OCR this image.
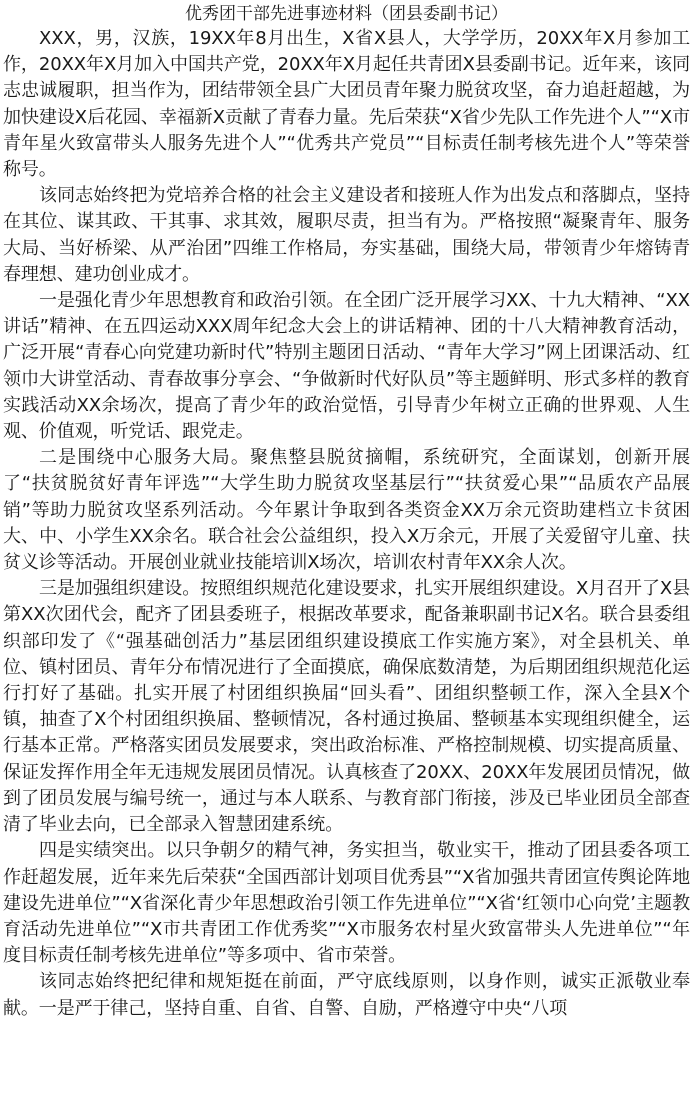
优秀团干部先进事迹材料（团县委副书记）

XXX，男，汉族，19XX年8月出生，X省X县人，大学学历，20XX年X月参加工作，20XX年X月加入中国共产党，20XX年X月起任共青团X县委副书记。近年来，该同志忠诚履职，担当作为，团结带领全县广大团员青年聚力脱贫攻坚，奋力追赶超越，为加快建设X后花园、幸福新X贡献了青春力量。先后荣获“X省少先队工作先进个人”“X市青年星火致富带头人服务先进个人”“优秀共产党员”“目标责任制考核先进个人”等荣誉称号。

该同志始终把为党培养合格的社会主义建设者和接班人作为出发点和落脚点，坚持在其位、谋其政、干其事、求其效，履职尽责，担当有为。严格按照“凝聚青年、服务大局、当好桥梁、从严治团”四维工作格局，夯实基础，围绕大局，带领青少年熔铸青春理想、建功创业成才。

一是强化青少年思想教育和政治引领。在全团广泛开展学习XX、十九大精神、“XX讲话”精神、在五四运动XXX周年纪念大会上的讲话精神、团的十八大精神教育活动，广泛开展“青春心向党建功新时代”特别主题团日活动、“青年大学习”网上团课活动、红领巾大讲堂活动、青春故事分享会、“争做新时代好队员”等主题鲜明、形式多样的教育实践活动XX余场次，提高了青少年的政治觉悟，引导青少年树立正确的世界观、人生观、价值观，听党话、跟党走。

二是围绕中心服务大局。聚焦整县脱贫摘帽，系统研究，全面谋划，创新开展了“扶贫脱贫好青年评选”“大学生助力脱贫攻坚基层行”“扶贫爱心果”“品质农产品展销”等助力脱贫攻坚系列活动。今年累计争取到各类资金XX万余元资助建档立卡贫困大、中、小学生XX余名。联合社会公益组织，投入X万余元，开展了关爱留守儿童、扶贫义诊等活动。开展创业就业技能培训X场次，培训农村青年XX余人次。

三是加强组织建设。按照组织规范化建设要求，扎实开展组织建设。X月召开了X县第XX次团代会，配齐了团县委班子，根据改革要求，配备兼职副书记X名。联合县委组织部印发了《“强基础创活力”基层团组织建设摸底工作实施方案》，对全县机关、单位、镇村团员、青年分布情况进行了全面摸底，确保底数清楚，为后期团组织规范化运行打好了基础。扎实开展了村团组织换届“回头看”、团组织整顿工作，深入全县X个镇，抽查了X个村团组织换届、整顿情况，各村通过换届、整顿基本实现组织健全，运行基本正常。严格落实团员发展要求，突出政治标准、严格控制规模、切实提高质量、保证发挥作用全年无违规发展团员情况。认真核查了20XX、20XX年发展团员情况，做到了团员发展与编号统一，通过与本人联系、与教育部门衔接，涉及已毕业团员全部查清了毕业去向，已全部录入智慧团建系统。

四是实绩突出。以只争朝夕的精气神，务实担当，敬业实干，推动了团县委各项工作赶超发展，近年来先后荣获“全国西部计划项目优秀县”“X省加强共青团宣传舆论阵地建设先进单位”“X省深化青少年思想政治引领工作先进单位”“X省‘红领巾心向党’主题教育活动先进单位”“X市共青团工作优秀奖”“X市服务农村星火致富带头人先进单位”“年度目标责任制考核先进单位”等多项中、省市荣誉。

该同志始终把纪律和规矩挺在前面，严守底线原则，以身作则，诚实正派敬业奉献。一是严于律己，坚持自重、自省、自警、自励，严格遵守中央“八项
